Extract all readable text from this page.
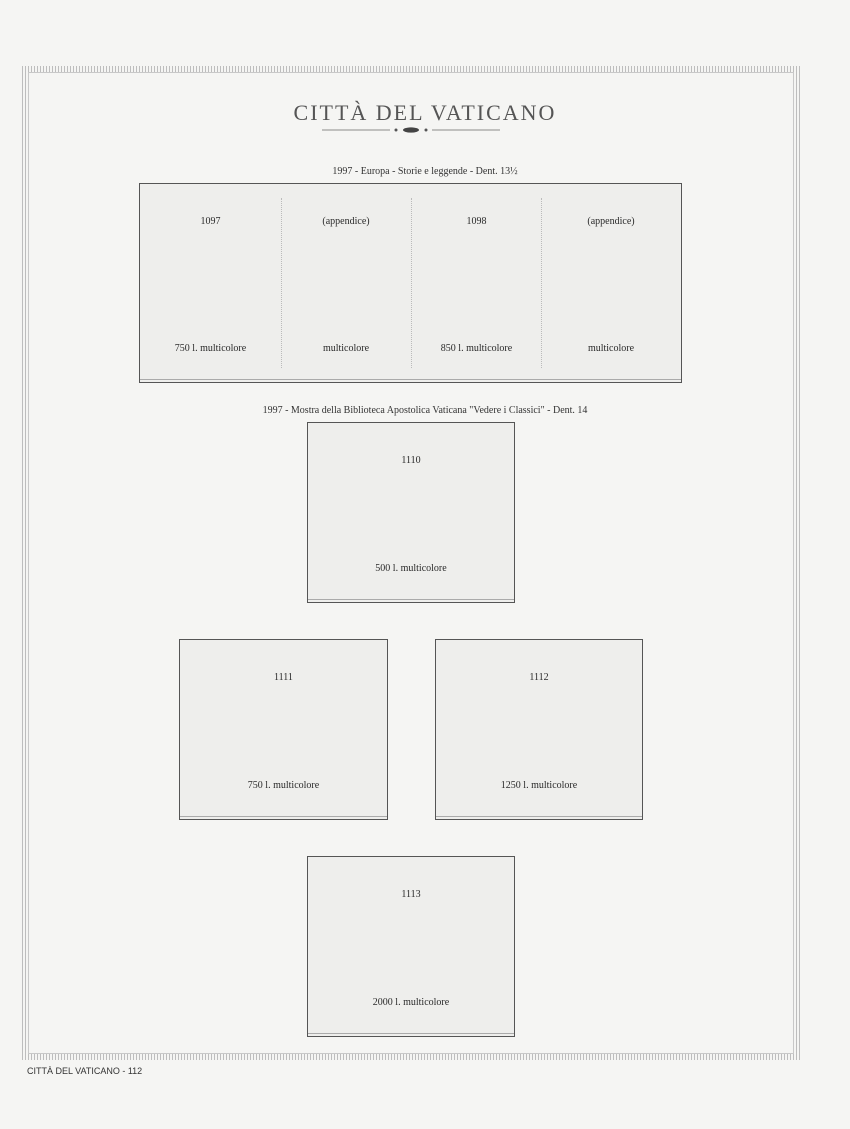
CITTÀ DEL VATICANO
1997 - Europa - Storie e leggende - Dent. 13½
1097
750 l. multicolore
(appendice)
multicolore
1098
850 l. multicolore
(appendice)
multicolore
1997 - Mostra della Biblioteca Apostolica Vaticana "Vedere i Classici" - Dent. 14
1110
500 l. multicolore
1111
750 l. multicolore
1112
1250 l. multicolore
1113
2000 l. multicolore
CITTÀ DEL VATICANO - 112
